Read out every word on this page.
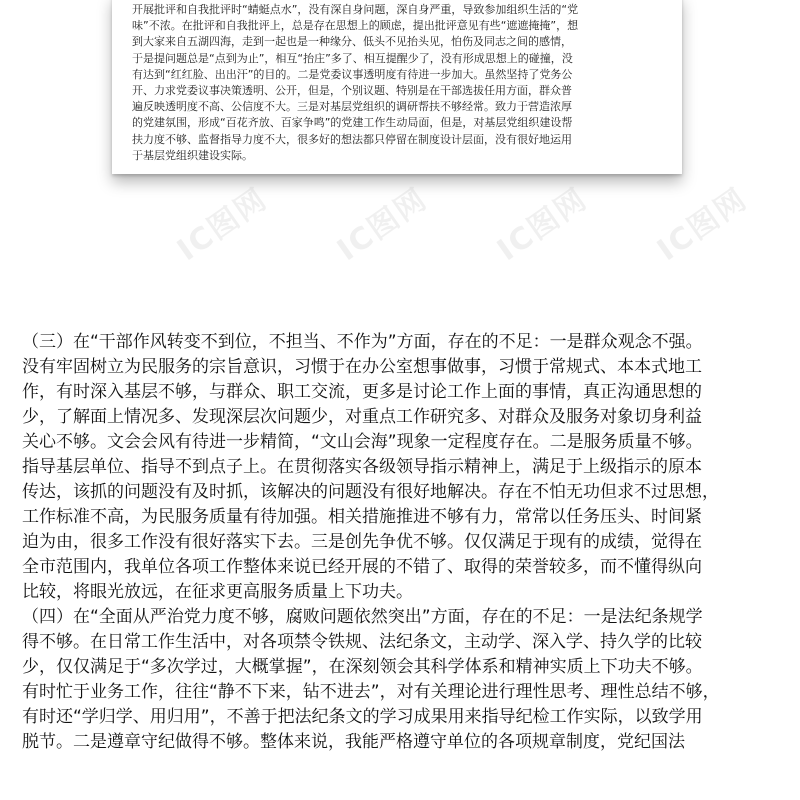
开展批评和自我批评时“蜻蜓点水”，没有深自身问题，深自身严重，导致参加组织生活的“党
味”不浓。在批评和自我批评上，总是存在思想上的顾虑，提出批评意见有些“遮遮掩掩”，想
到大家来自五湖四海，走到一起也是一种缘分、低头不见抬头见，怕伤及同志之间的感情，
于是提问题总是“点到为止”，相互“抬庄”多了、相互提醒少了，没有形成思想上的碰撞，没
有达到“红红脸、出出汗”的目的。二是党委议事透明度有待进一步加大。虽然坚持了党务公
开、力求党委议事决策透明、公开，但是，个别议题、特别是在干部选拔任用方面，群众普
遍反映透明度不高、公信度不大。三是对基层党组织的调研帮扶不够经常。致力于营造浓厚
的党建氛围，形成“百花齐放、百家争鸣”的党建工作生动局面，但是，对基层党组织建设帮
扶力度不够、监督指导力度不大，很多好的想法都只停留在制度设计层面，没有很好地运用
于基层党组织建设实际。
IC图网 IC图网 IC图网 IC图网
（三）在“干部作风转变不到位，不担当、不作为”方面，存在的不足：一是群众观念不强。
没有牢固树立为民服务的宗旨意识，习惯于在办公室想事做事，习惯于常规式、本本式地工
作，有时深入基层不够，与群众、职工交流，更多是讨论工作上面的事情，真正沟通思想的
少，了解面上情况多、发现深层次问题少，对重点工作研究多、对群众及服务对象切身利益
关心不够。文会会风有待进一步精简，“文山会海”现象一定程度存在。二是服务质量不够。
指导基层单位、指导不到点子上。在贯彻落实各级领导指示精神上，满足于上级指示的原本
传达，该抓的问题没有及时抓，该解决的问题没有很好地解决。存在不怕无功但求不过思想，
工作标准不高，为民服务质量有待加强。相关措施推进不够有力，常常以任务压头、时间紧
迫为由，很多工作没有很好落实下去。三是创先争优不够。仅仅满足于现有的成绩，觉得在
全市范围内，我单位各项工作整体来说已经开展的不错了、取得的荣誉较多，而不懂得纵向
比较，将眼光放远，在征求更高服务质量上下功夫。
（四）在“全面从严治党力度不够，腐败问题依然突出”方面，存在的不足：一是法纪条规学
得不够。在日常工作生活中，对各项禁令铁规、法纪条文，主动学、深入学、持久学的比较
少，仅仅满足于“多次学过，大概掌握”，在深刻领会其科学体系和精神实质上下功夫不够。
有时忙于业务工作，往往“静不下来，钻不进去”，对有关理论进行理性思考、理性总结不够，
有时还“学归学、用归用”，不善于把法纪条文的学习成果用来指导纪检工作实际，以致学用
脱节。二是遵章守纪做得不够。整体来说，我能严格遵守单位的各项规章制度，党纪国法
